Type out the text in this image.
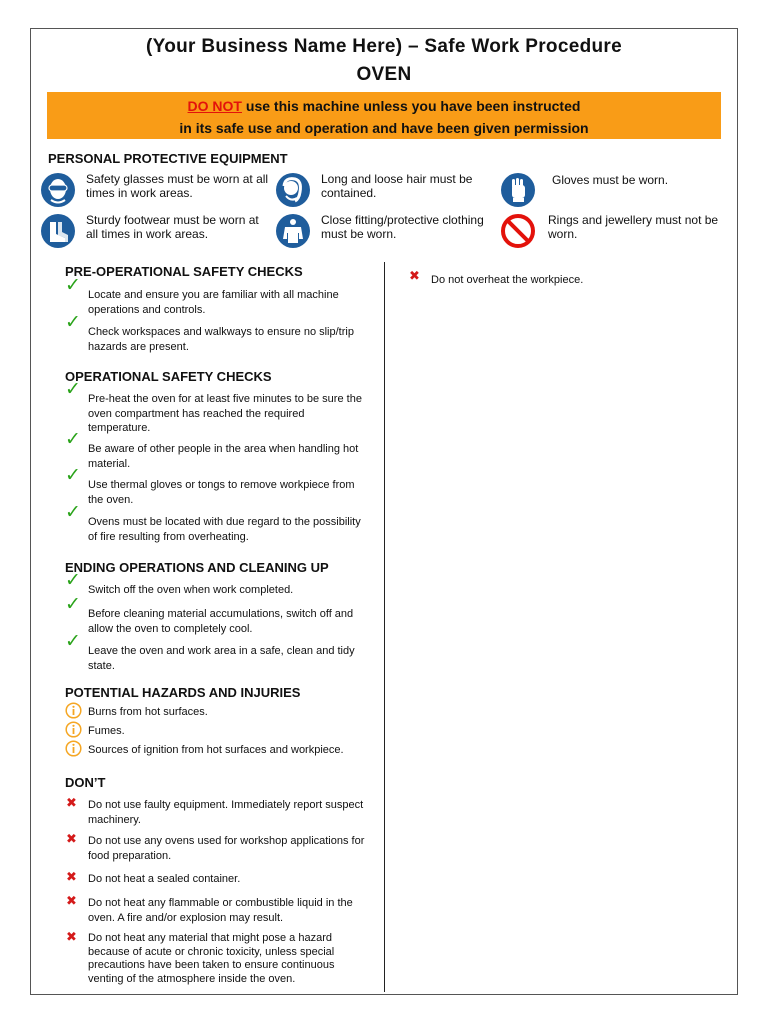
(Your Business Name Here) – Safe Work Procedure
OVEN
DO NOT use this machine unless you have been instructed
in its safe use and operation and have been given permission
PERSONAL PROTECTIVE EQUIPMENT
Safety glasses must be worn at all times in work areas.
Long and loose hair must be contained.
Gloves must be worn.
Sturdy footwear must be worn at all times in work areas.
Close fitting/protective clothing must be worn.
Rings and jewellery must not be worn.
PRE-OPERATIONAL SAFETY CHECKS
✓ Locate and ensure you are familiar with all machine operations and controls.
✓ Check workspaces and walkways to ensure no slip/trip hazards are present.
OPERATIONAL SAFETY CHECKS
✓ Pre-heat the oven for at least five minutes to be sure the oven compartment has reached the required temperature.
✓ Be aware of other people in the area when handling hot material.
✓ Use thermal gloves or tongs to remove workpiece from the oven.
✓ Ovens must be located with due regard to the possibility of fire resulting from overheating.
ENDING OPERATIONS AND CLEANING UP
✓ Switch off the oven when work completed.
✓ Before cleaning material accumulations, switch off and allow the oven to completely cool.
✓ Leave the oven and work area in a safe, clean and tidy state.
POTENTIAL HAZARDS AND INJURIES
Burns from hot surfaces.
Fumes.
Sources of ignition from hot surfaces and workpiece.
DON’T
✖ Do not use faulty equipment. Immediately report suspect machinery.
✖ Do not use any ovens used for workshop applications for food preparation.
✖ Do not heat a sealed container.
✖ Do not heat any flammable or combustible liquid in the oven. A fire and/or explosion may result.
✖ Do not heat any material that might pose a hazard because of acute or chronic toxicity, unless special precautions have been taken to ensure continuous venting of the atmosphere inside the oven.
✖ Do not overheat the workpiece.
